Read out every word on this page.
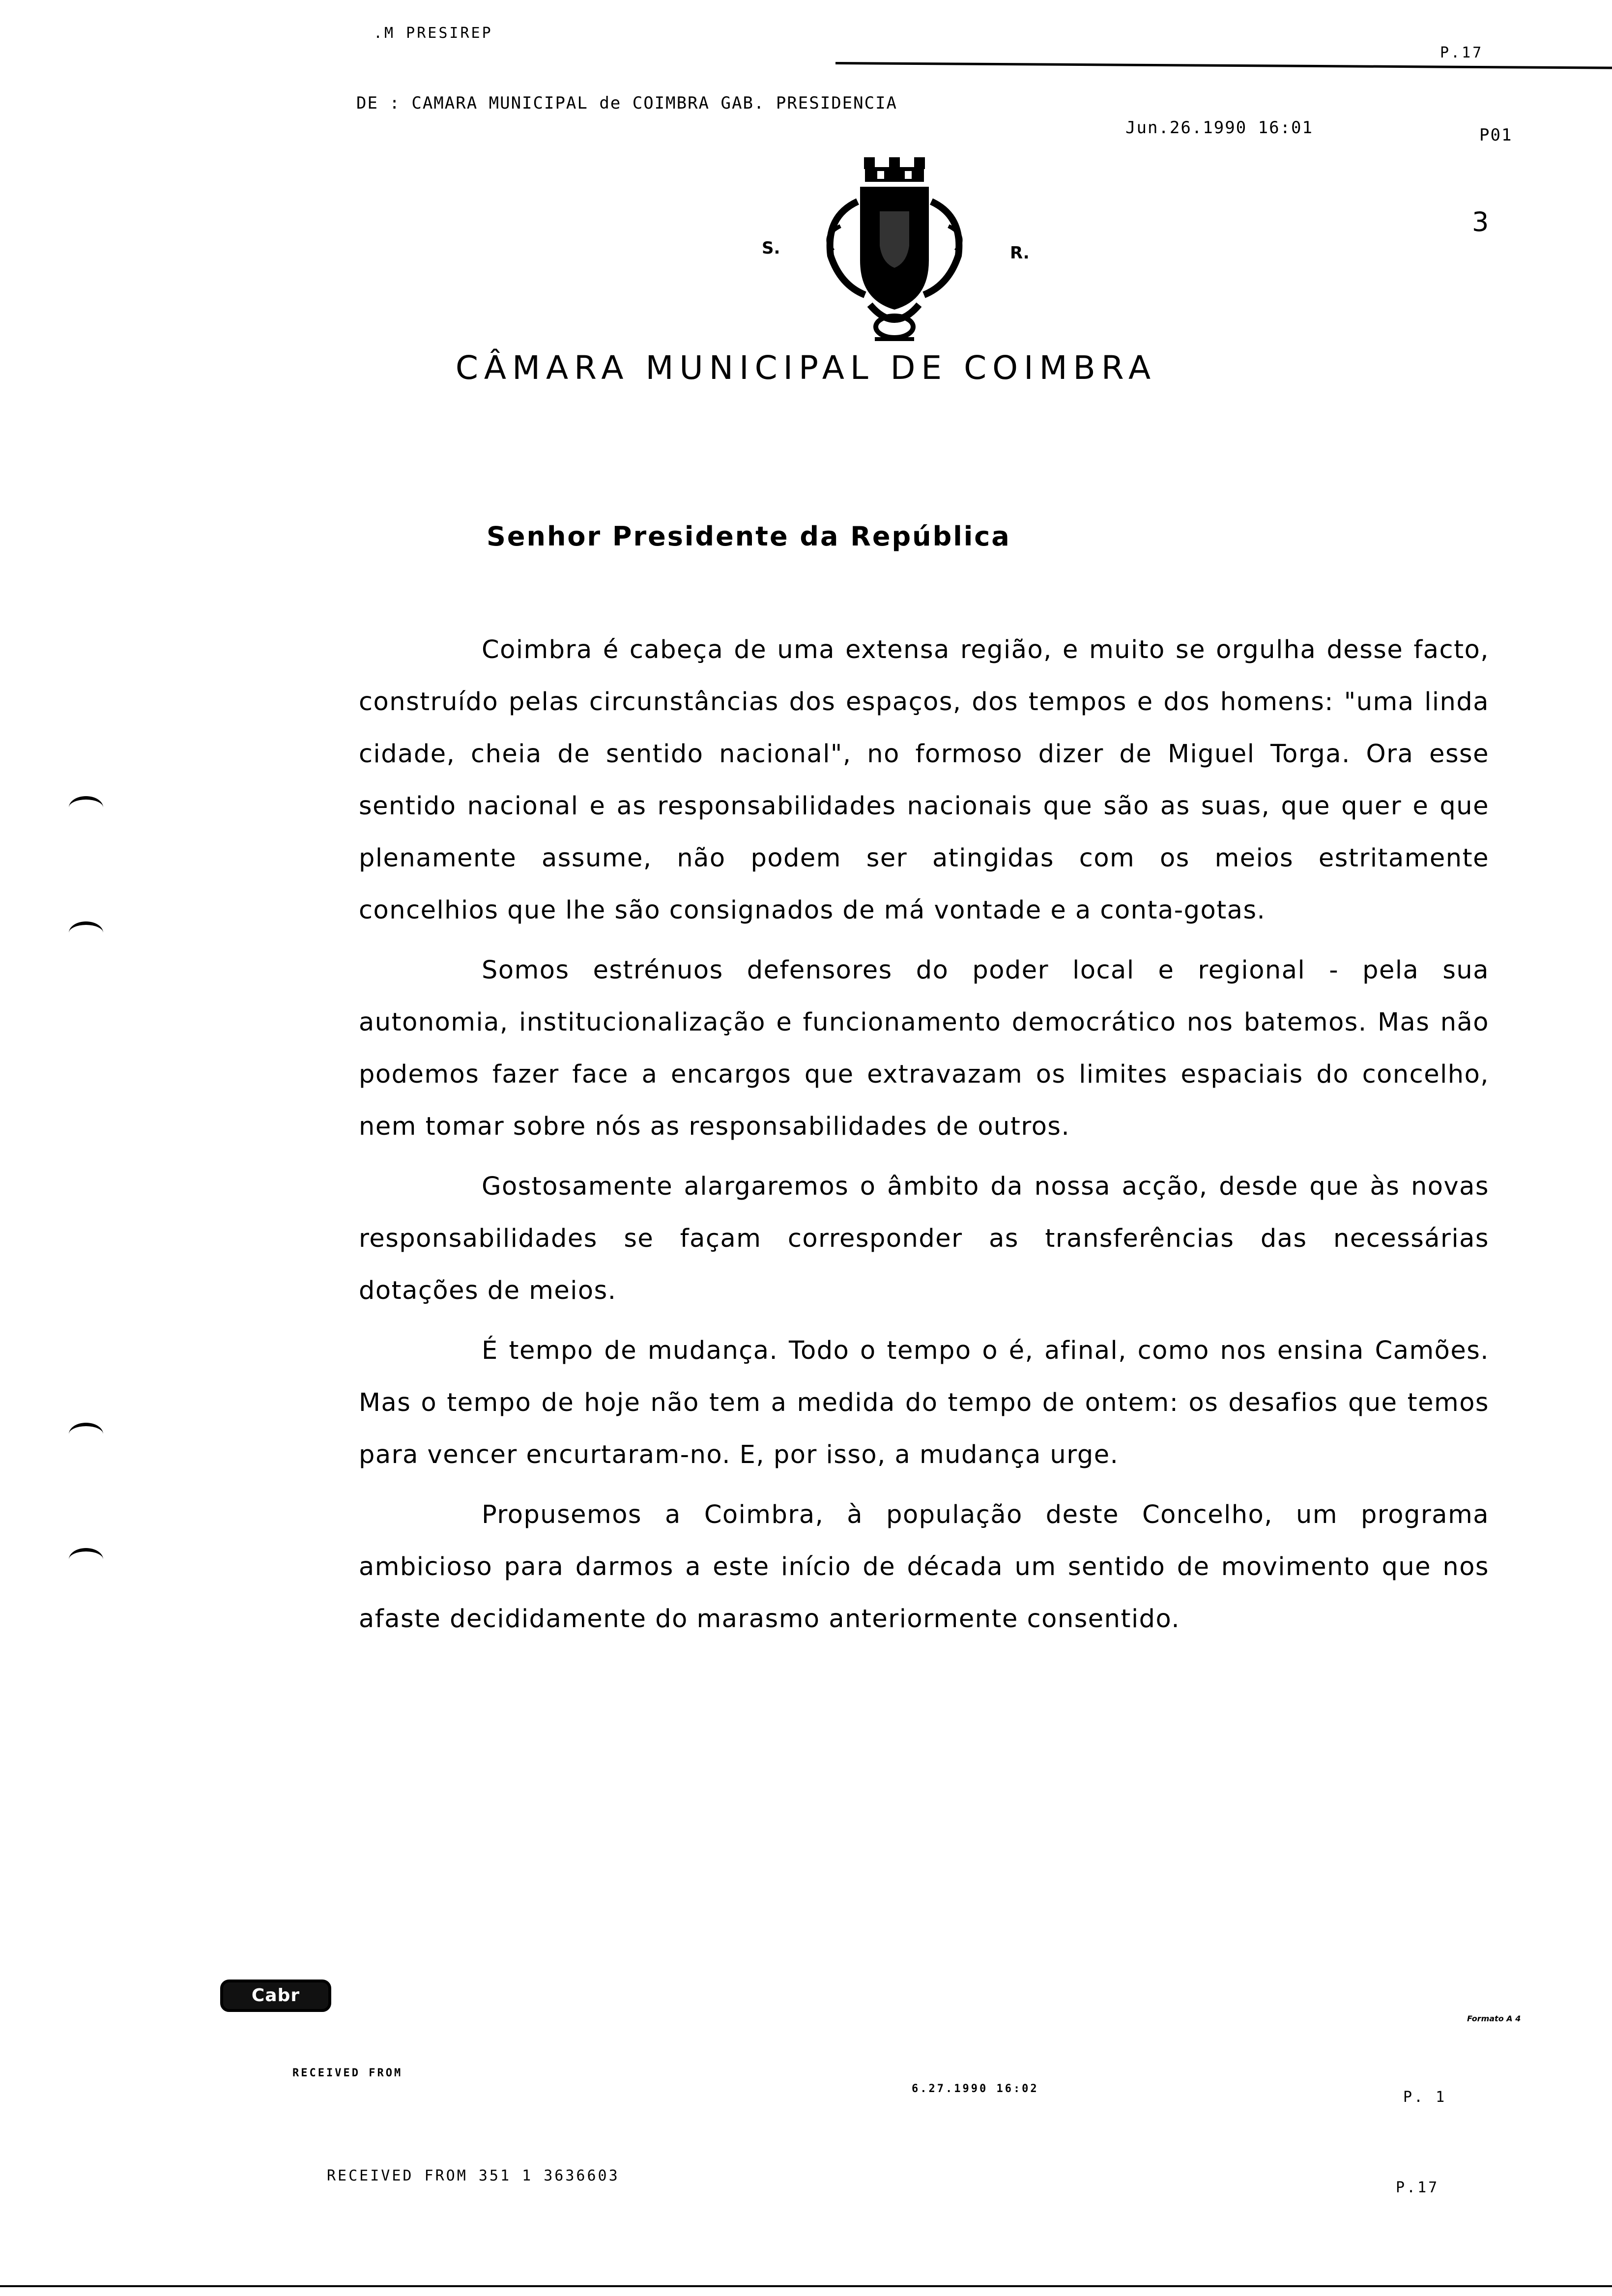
.M PRESIREP
P.17
DE : CAMARA MUNICIPAL de COIMBRA GAB. PRESIDENCIA
Jun.26.1990 16:01	P01
3
S.	R.
CÂMARA MUNICIPAL DE COIMBRA
Senhor Presidente da República

Coimbra é cabeça de uma extensa região, e muito se orgulha desse facto, construído pelas circunstâncias dos espaços, dos tempos e dos homens: "uma linda cidade, cheia de sentido nacional", no formoso dizer de Miguel Torga. Ora esse sentido nacional e as responsabilidades nacionais que são as suas, que quer e que plenamente assume, não podem ser atingidas com os meios estritamente concelhios que lhe são consignados de má vontade e a conta-gotas.

Somos estrénuos defensores do poder local e regional - pela sua autonomia, institucionalização e funcionamento democrático nos batemos. Mas não podemos fazer face a encargos que extravazam os limites espaciais do concelho, nem tomar sobre nós as responsabilidades de outros.

Gostosamente alargaremos o âmbito da nossa acção, desde que às novas responsabilidades se façam corresponder as transferências das necessárias dotações de meios.

É tempo de mudança. Todo o tempo o é, afinal, como nos ensina Camões. Mas o tempo de hoje não tem a medida do tempo de ontem: os desafios que temos para vencer encurtaram-no. E, por isso, a mudança urge.

Propusemos a Coimbra, à população deste Concelho, um programa ambicioso para darmos a este início de década um sentido de movimento que nos afaste decididamente do marasmo anteriormente consentido.

Cabr
Formato A 4
RECEIVED FROM
6.27.1990 16:02	P. 1
RECEIVED FROM 351 1 3636603
P.17
